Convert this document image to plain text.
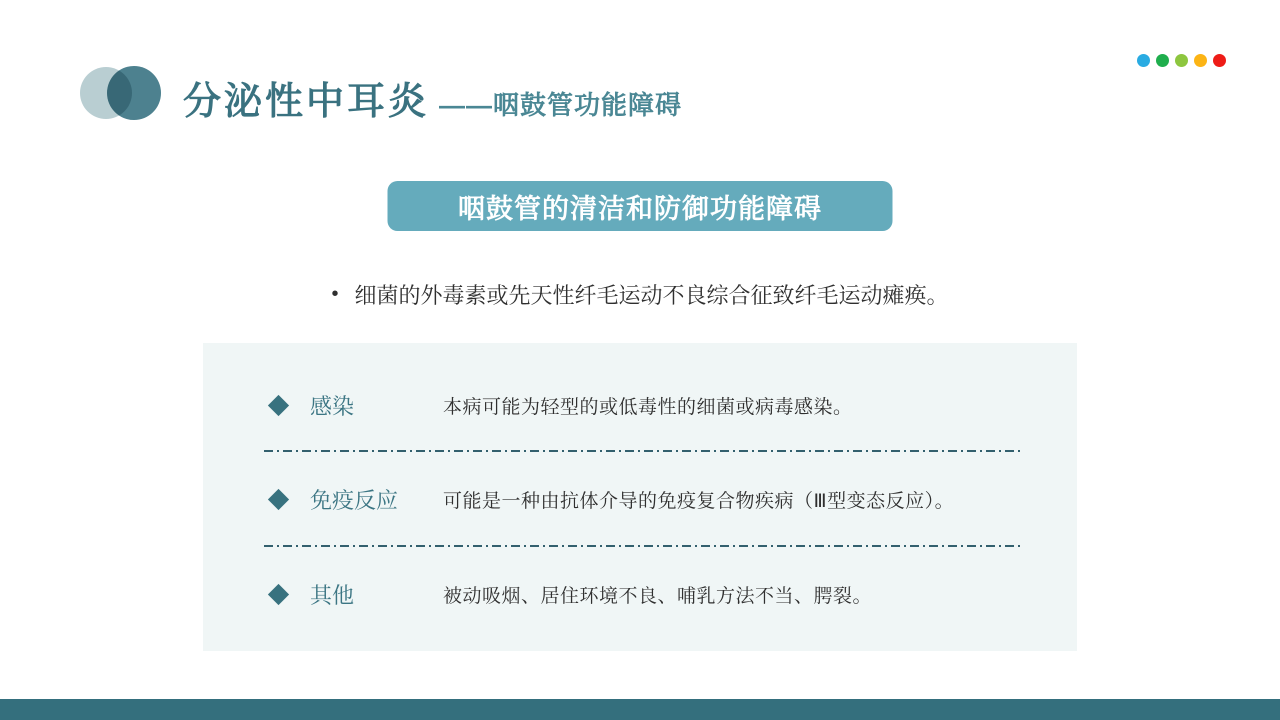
分泌性中耳炎 ——咽鼓管功能障碍
咽鼓管的清洁和防御功能障碍
• 细菌的外毒素或先天性纤毛运动不良综合征致纤毛运动瘫痪。
感染	本病可能为轻型的或低毒性的细菌或病毒感染。
免疫反应	可能是一种由抗体介导的免疫复合物疾病（Ⅲ型变态反应）。
其他	被动吸烟、居住环境不良、哺乳方法不当、腭裂。
